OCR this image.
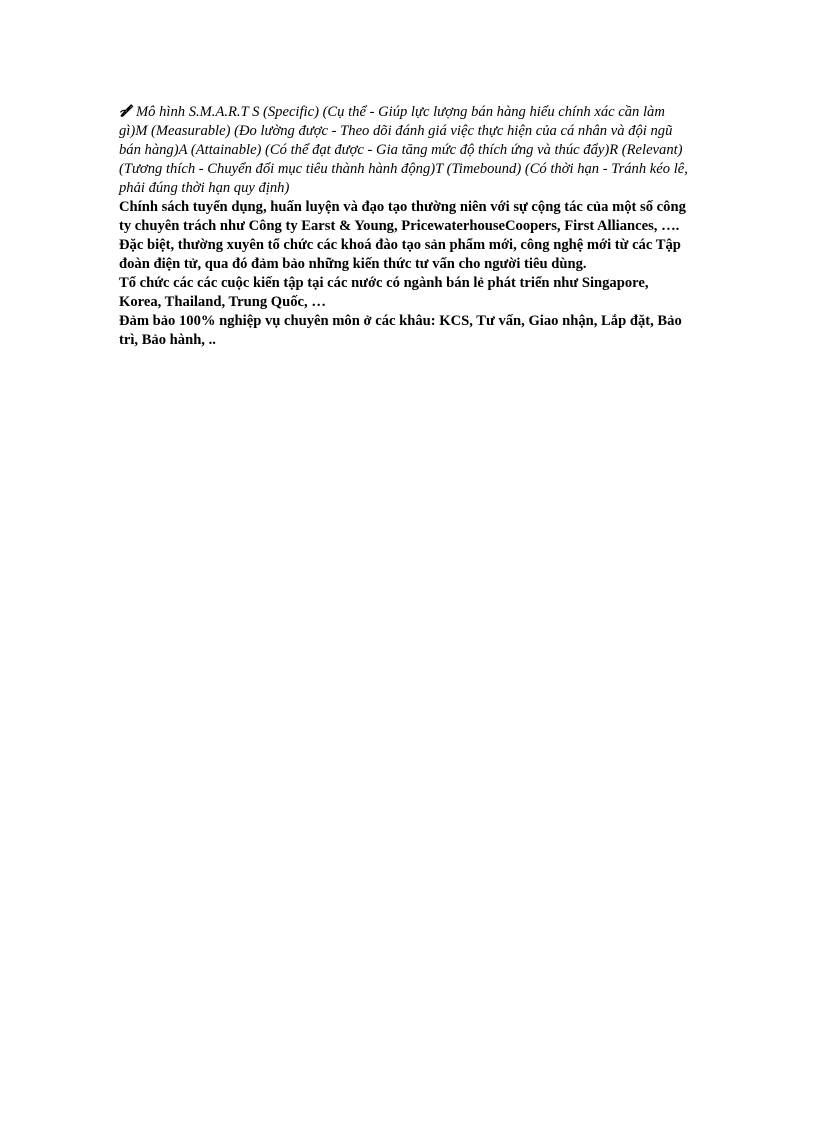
Mô hình S.M.A.R.T S (Specific) (Cụ thể - Giúp lực lượng bán hàng hiểu chính xác cần làm gì)M (Measurable) (Đo lường được - Theo dõi đánh giá việc thực hiện của cá nhân và đội ngũ bán hàng)A (Attainable) (Có thể đạt được - Gia tăng mức độ thích ứng và thúc đẩy)R (Relevant) (Tương thích - Chuyển đổi mục tiêu thành hành động)T (Timebound) (Có thời hạn - Tránh kéo lê, phải đúng thời hạn quy định)

Chính sách tuyển dụng, huấn luyện và đạo tạo thường niên với sự cộng tác của một số công ty chuyên trách như Công ty Earst & Young, PricewaterhouseCoopers, First Alliances, ….

Đặc biệt, thường xuyên tổ chức các khoá đào tạo sản phẩm mới, công nghệ mới từ các Tập đoàn điện tử, qua đó đảm bảo những kiến thức tư vấn cho người tiêu dùng.

Tổ chức các các cuộc kiến tập tại các nước có ngành bán lẻ phát triển như Singapore, Korea, Thailand, Trung Quốc, …

Đảm bảo 100% nghiệp vụ chuyên môn ở các khâu: KCS, Tư vấn, Giao nhận, Lắp đặt, Bảo trì, Bảo hành, ..
